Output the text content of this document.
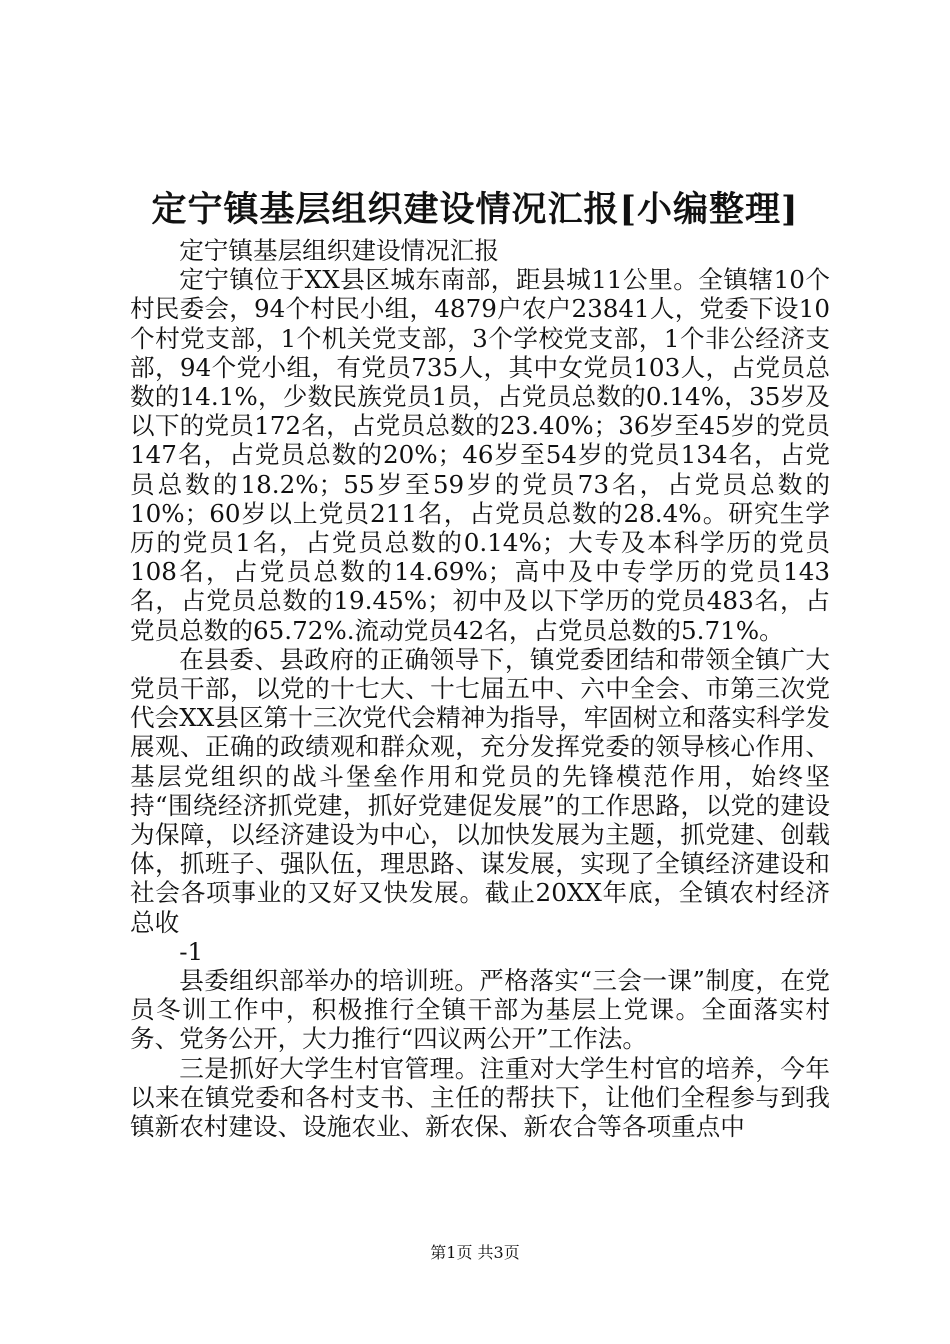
定宁镇基层组织建设情况汇报[小编整理]

定宁镇基层组织建设情况汇报

定宁镇位于XX县区城东南部，距县城11公里。全镇辖10个村民委会，94个村民小组，4879户农户23841人，党委下设10个村党支部，1个机关党支部，3个学校党支部，1个非公经济支部，94个党小组，有党员735人，其中女党员103人，占党员总数的14.1%，少数民族党员1员，占党员总数的0.14%，35岁及以下的党员172名，占党员总数的23.40%；36岁至45岁的党员147名，占党员总数的20%；46岁至54岁的党员134名，占党员总数的18.2%；55岁至59岁的党员73名，占党员总数的10%；60岁以上党员211名，占党员总数的28.4%。研究生学历的党员1名，占党员总数的0.14%；大专及本科学历的党员108名，占党员总数的14.69%；高中及中专学历的党员143名，占党员总数的19.45%；初中及以下学历的党员483名，占党员总数的65.72%.流动党员42名，占党员总数的5.71%。

在县委、县政府的正确领导下，镇党委团结和带领全镇广大党员干部，以党的十七大、十七届五中、六中全会、市第三次党代会XX县区第十三次党代会精神为指导，牢固树立和落实科学发展观、正确的政绩观和群众观，充分发挥党委的领导核心作用、基层党组织的战斗堡垒作用和党员的先锋模范作用，始终坚持“围绕经济抓党建，抓好党建促发展”的工作思路，以党的建设为保障，以经济建设为中心，以加快发展为主题，抓党建、创载体，抓班子、强队伍，理思路、谋发展，实现了全镇经济建设和社会各项事业的又好又快发展。截止20XX年底，全镇农村经济总收

-1

县委组织部举办的培训班。严格落实“三会一课”制度，在党员冬训工作中，积极推行全镇干部为基层上党课。全面落实村务、党务公开，大力推行“四议两公开”工作法。

三是抓好大学生村官管理。注重对大学生村官的培养，今年以来在镇党委和各村支书、主任的帮扶下，让他们全程参与到我镇新农村建设、设施农业、新农保、新农合等各项重点中

第1页 共3页
